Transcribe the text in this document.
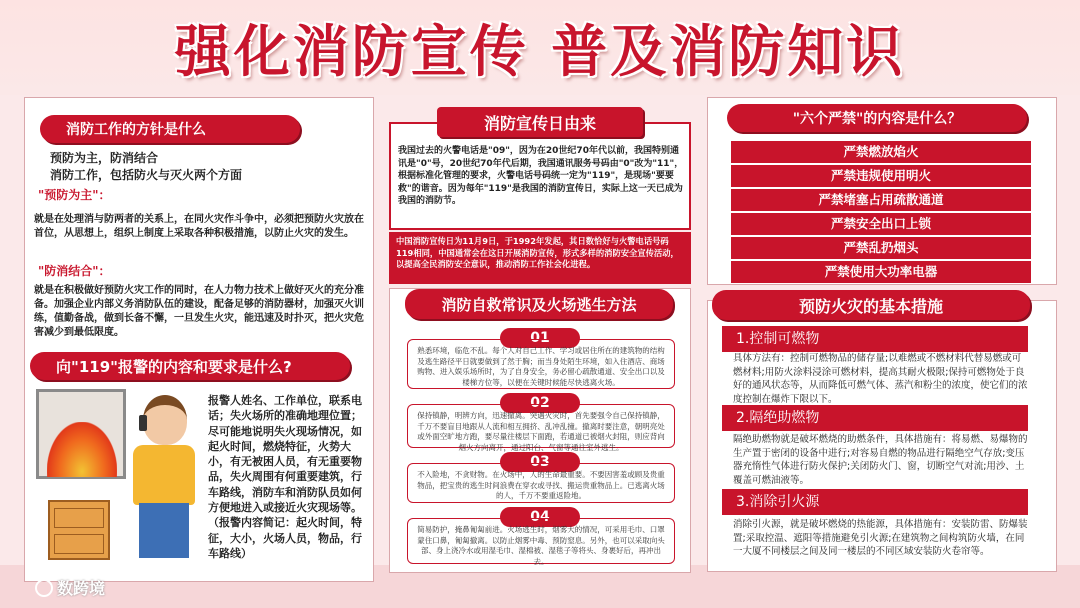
强化消防宣传 普及消防知识
消防工作的方针是什么
预防为主，防消结合
消防工作，包括防火与灭火两个方面
"预防为主"：
就是在处理消与防两者的关系上，在同火灾作斗争中，必须把预防火灾放在首位，从思想上，组织上制度上采取各种积极措施，以防止火灾的发生。
"防消结合"：
就是在积极做好预防火灾工作的同时，在人力物力技术上做好灭火的充分准备。加强企业内部义务消防队伍的建设，配备足够的消防器材，加强灭火训练，值勤备战，做到长备不懈，一旦发生火灾，能迅速及时扑灭，把火灾危害减少到最低限度。
向"119"报警的内容和要求是什么?
报警人姓名、工作单位，联系电话；失火场所的准确地理位置；尽可能地说明失火现场情况，如起火时间，燃烧特征，火势大小，有无被困人员，有无重要物品，失火周围有何重要建筑，行车路线，消防车和消防队员如何方便地进入或接近火灾现场等。（报警内容简记：起火时间，特征，大小，火场人员，物品，行车路线）
数跨境
消防宣传日由来
我国过去的火警电话是"09"，因为在20世纪70年代以前，我国特别通讯是"0"号，20世纪70年代后期，我国通讯服务号码由"0"改为"11"，根据标准化管理的要求，火警电话号码统一定为"119"，是现场"要要救"的谐音。因为每年"119"是我国的消防宣传日，实际上这一天已成为我国的消防节。
中国消防宣传日为11月9日，于1992年发起，其日数恰好与火警电话号码119相同，中国通常会在这日开展消防宣传，形式多样的消防安全宣传活动，以提高全民消防安全意识，推动消防工作社会化进程。
消防自救常识及火场逃生方法
01
熟悉环境，临危不乱。每个人对自己工作、学习或居住所在的建筑物的结构及逃生路径平日就要做到了然于胸；而当身处陌生环境，如入住酒店、商场购物、进入娱乐场所时，为了自身安全，务必留心疏散通道、安全出口以及楼梯方位等，以便在关键时候能尽快逃离火场。
02
保持镇静，明辨方向，迅速撤离。突遇火灾时，首先要强令自己保持镇静，千万不要盲目地跟从人流和相互拥挤、乱冲乱撞。撤离时要注意，朝明亮处或外面空旷地方跑，要尽量往楼层下面跑，若通道已被烟火封阻，则应背向烟火方向离开，通过阳台、气窗等通往室外逃生。
03
不入险地，不贪财物。在火场中，人的生命最重要。不要因害羞或顾及贵重物品，把宝贵的逃生时间浪费在穿衣或寻找、搬运贵重物品上。已逃离火场的人，千万不要重返险地。
04
简易防护，掩鼻匍匐前进。火场逃生时，烟雾大的情况，可采用毛巾、口罩蒙住口鼻，匍匐撤离。以防止烟雾中毒、预防窒息。另外，也可以采取向头部、身上浇冷水或用湿毛巾、湿棉被、湿毯子等将头、身裹好后，再冲出去。
"六个严禁"的内容是什么？
严禁燃放焰火
严禁违规使用明火
严禁堵塞占用疏散通道
严禁安全出口上锁
严禁乱扔烟头
严禁使用大功率电器
预防火灾的基本措施
1.控制可燃物
具体方法有：控制可燃物品的储存量;以难燃或不燃材料代替易燃或可燃材料;用防火涂料浸涂可燃材料，提高其耐火极限;保持可燃物处于良好的通风状态等，从而降低可燃气体、蒸汽和粉尘的浓度，使它们的浓度控制在爆炸下限以下。
2.隔绝助燃物
隔绝助燃物就是破坏燃烧的助燃条件，具体措施有：将易燃、易爆物的生产置于密闭的设备中进行;对容易自燃的物品进行隔绝空气存放;变压器充惰性气体进行防火保护;关闭防火门、窗，切断空气对流;用沙、土覆盖可燃油液等。
3.消除引火源
消除引火源，就是破坏燃烧的热能源，具体措施有：安装防雷、防爆装置;采取控温、遮阳等措施避免引火源;在建筑物之间构筑防火墙，在同一大厦不同楼层之间及同一楼层的不同区域安装防火卷帘等。
